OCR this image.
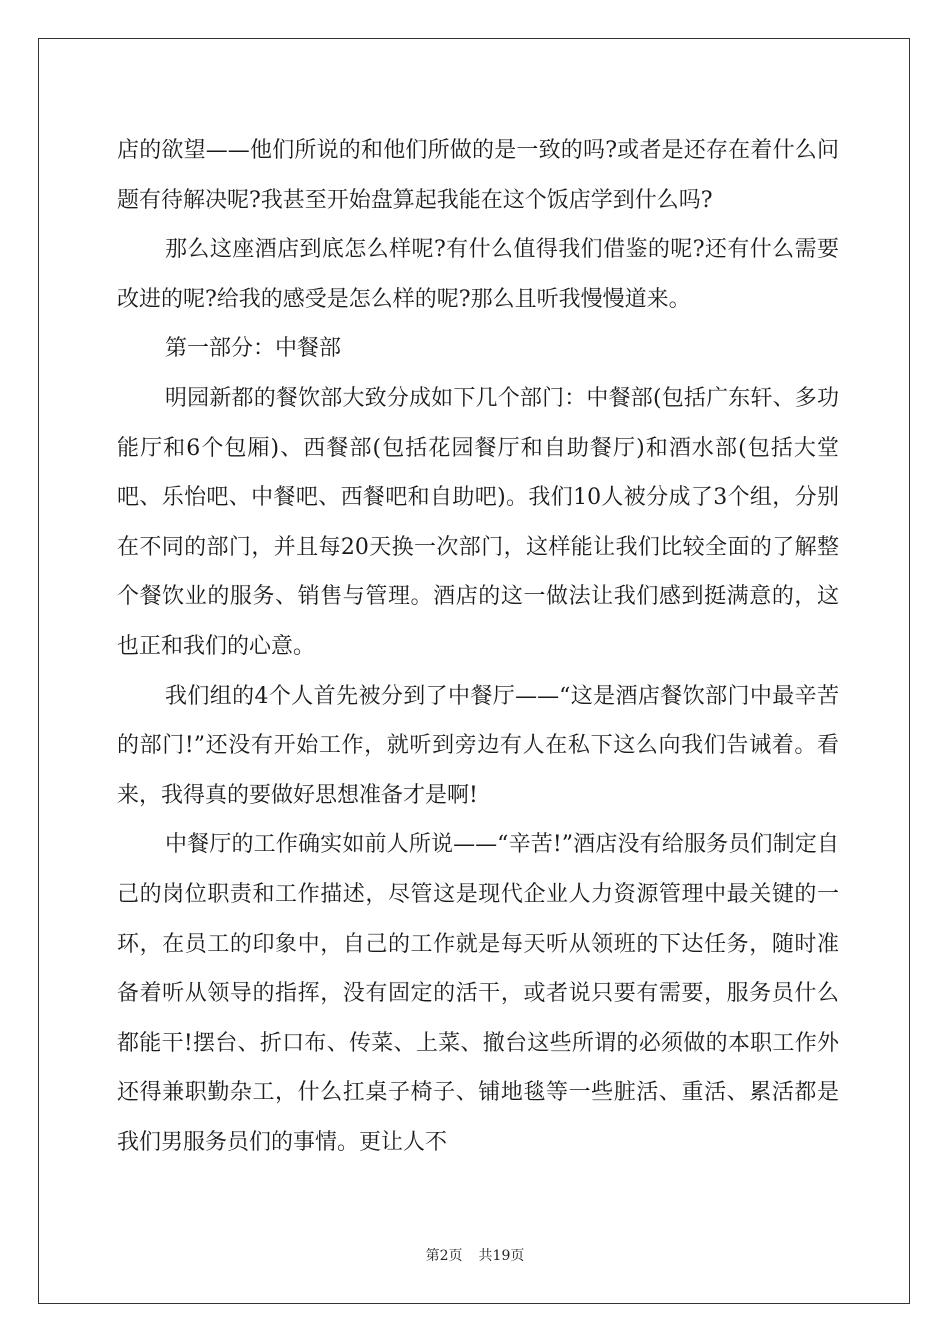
店的欲望——他们所说的和他们所做的是一致的吗?或者是还存在着什么问题有待解决呢?我甚至开始盘算起我能在这个饭店学到什么吗?

那么这座酒店到底怎么样呢?有什么值得我们借鉴的呢?还有什么需要改进的呢?给我的感受是怎么样的呢?那么且听我慢慢道来。

第一部分：中餐部

明园新都的餐饮部大致分成如下几个部门：中餐部(包括广东轩、多功能厅和6个包厢)、西餐部(包括花园餐厅和自助餐厅)和酒水部(包括大堂吧、乐怡吧、中餐吧、西餐吧和自助吧)。我们10人被分成了3个组，分别在不同的部门，并且每20天换一次部门，这样能让我们比较全面的了解整个餐饮业的服务、销售与管理。酒店的这一做法让我们感到挺满意的，这也正和我们的心意。

我们组的4个人首先被分到了中餐厅——“这是酒店餐饮部门中最辛苦的部门!”还没有开始工作，就听到旁边有人在私下这么向我们告诫着。看来，我得真的要做好思想准备才是啊!

中餐厅的工作确实如前人所说——“辛苦!”酒店没有给服务员们制定自己的岗位职责和工作描述，尽管这是现代企业人力资源管理中最关键的一环，在员工的印象中，自己的工作就是每天听从领班的下达任务，随时准备着听从领导的指挥，没有固定的活干，或者说只要有需要，服务员什么都能干!摆台、折口布、传菜、上菜、撤台这些所谓的必须做的本职工作外还得兼职勤杂工，什么扛桌子椅子、铺地毯等一些脏活、重活、累活都是我们男服务员们的事情。更让人不

第2页 共19页
